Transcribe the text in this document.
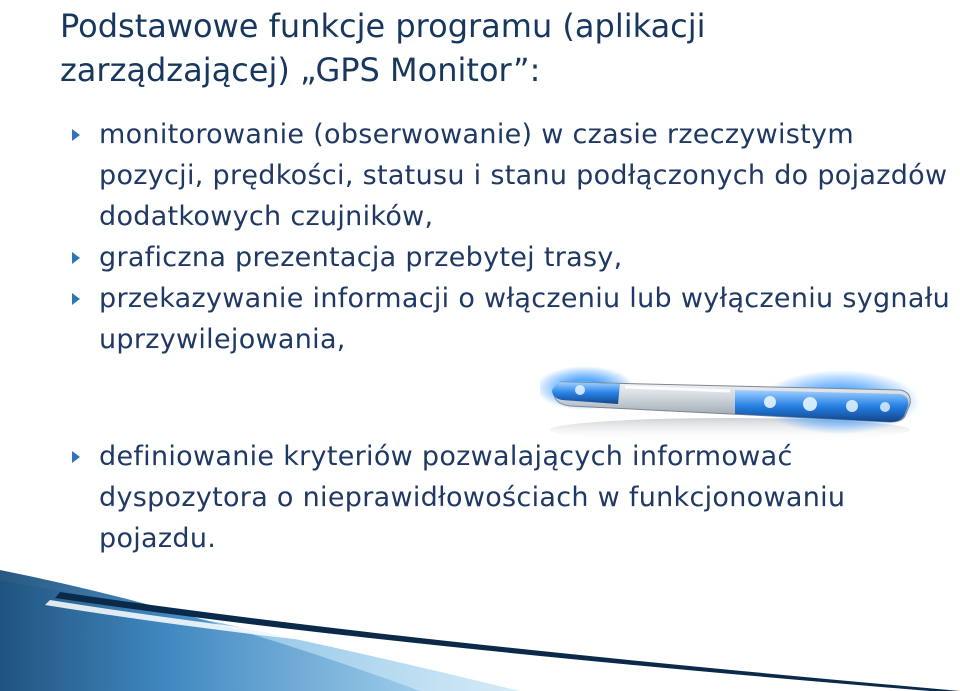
Podstawowe funkcje programu (aplikacji zarządzającej) „GPS Monitor”:
monitorowanie (obserwowanie) w czasie rzeczywistym pozycji, prędkości, statusu i stanu podłączonych do pojazdów dodatkowych czujników,
graficzna prezentacja przebytej trasy,
przekazywanie informacji o włączeniu lub wyłączeniu sygnału uprzywilejowania,
definiowanie kryteriów pozwalających informować dyspozytora o nieprawidłowościach w funkcjonowaniu pojazdu.
